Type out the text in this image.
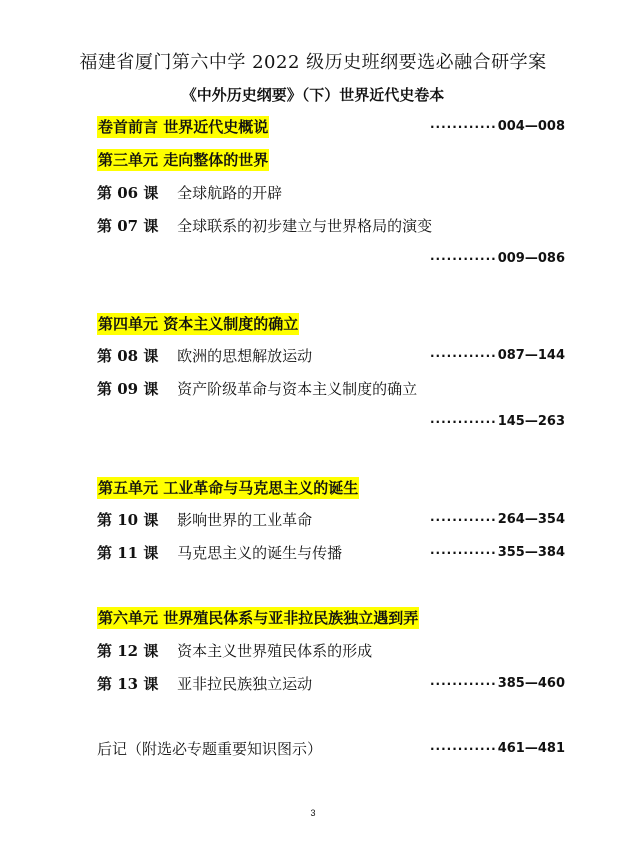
福建省厦门第六中学 2022 级历史班纲要选必融合研学案
《中外历史纲要》（下）世界近代史卷本
卷首前言 世界近代史概说	············ 004—008
第三单元 走向整体的世界
第 06 课 全球航路的开辟
第 07 课 全球联系的初步建立与世界格局的演变
············ 009—086
第四单元 资本主义制度的确立
第 08 课 欧洲的思想解放运动	············ 087—144
第 09 课 资产阶级革命与资本主义制度的确立
············ 145—263
第五单元 工业革命与马克思主义的诞生
第 10 课 影响世界的工业革命	············ 264—354
第 11 课 马克思主义的诞生与传播	············ 355—384
第六单元 世界殖民体系与亚非拉民族独立遇到弄
第 12 课 资本主义世界殖民体系的形成
第 13 课 亚非拉民族独立运动	············ 385—460
后记（附选必专题重要知识图示）	············ 461—481
3
